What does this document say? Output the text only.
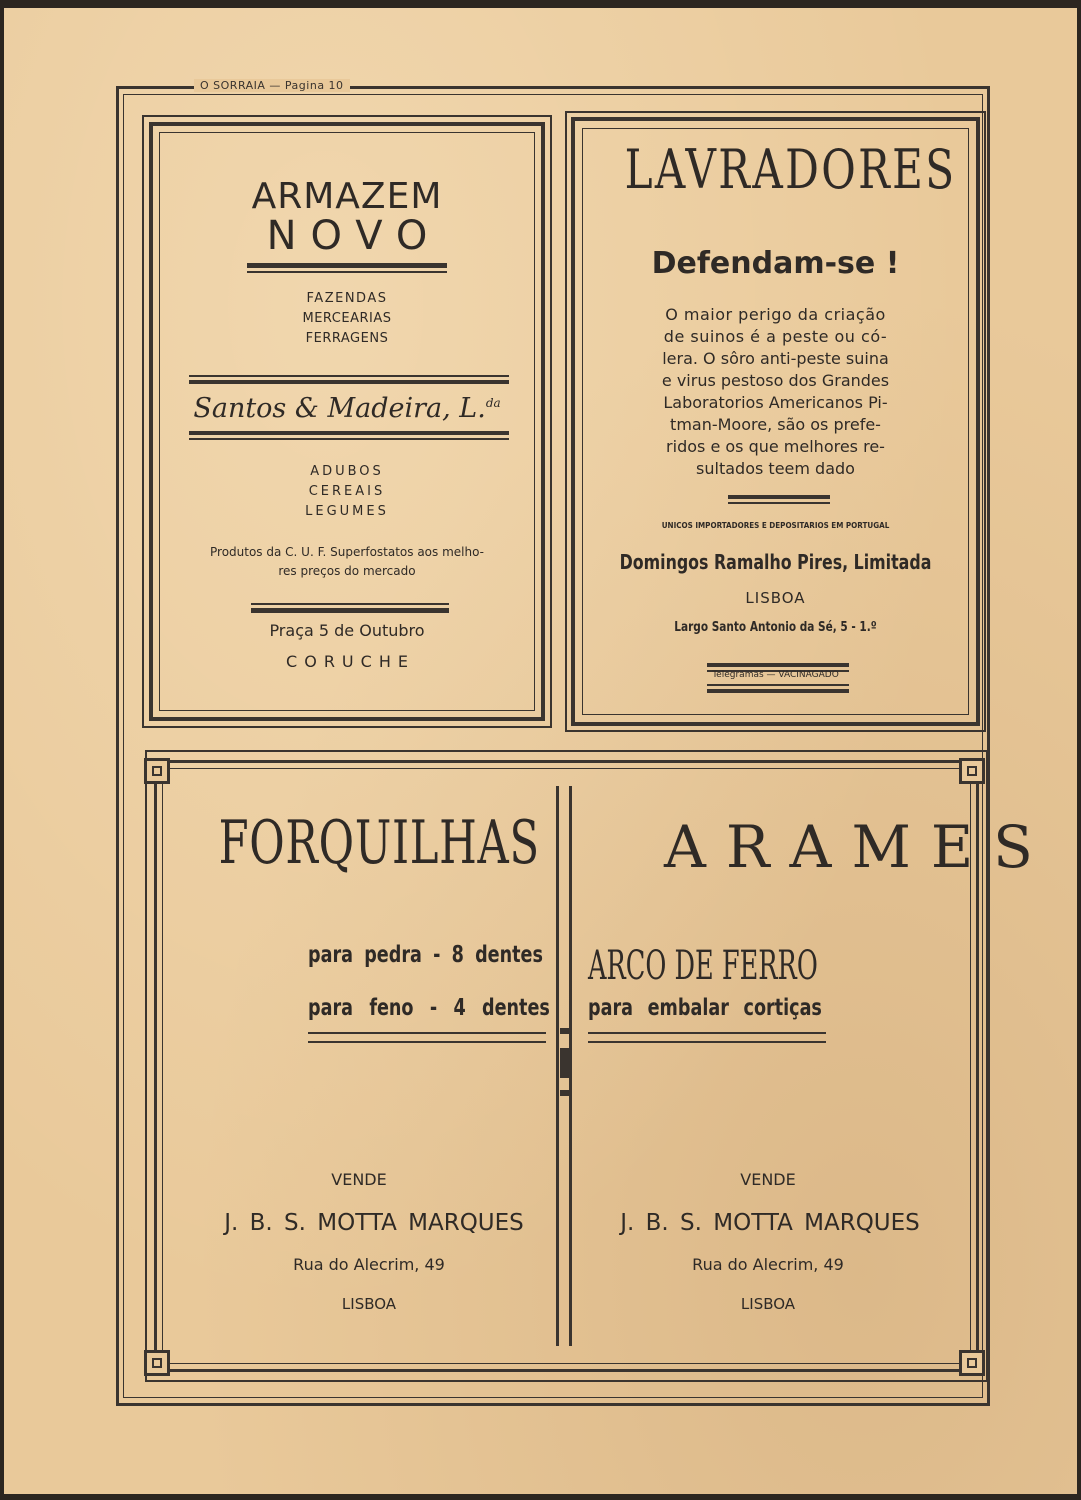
O SORRAIA — Pagina 10
ARMAZEM
NOVO
FAZENDAS
MERCEARIAS
FERRAGENS
Santos & Madeira, L.$^{da}$
ADUBOS
CEREAIS
LEGUMES
Produtos da C. U. F. Superfostatos aos melho-
res preços do mercado
Praça 5 de Outubro
CORUCHE
LAVRADORES
Defendam-se !
O maior perigo da criação
de suinos é a peste ou có-
lera. O sôro anti-peste suina
e virus pestoso dos Grandes
Laboratorios Americanos Pi-
tman-Moore, são os prefe-
ridos e os que melhores re-
sultados teem dado
UNICOS IMPORTADORES E DEPOSITARIOS EM PORTUGAL
Domingos Ramalho Pires, Limitada
LISBOA
Largo Santo Antonio da Sé, 5 - 1.º
Telegramas — VACINAGADO
FORQUILHAS
para pedra - 8 dentes
para feno - 4 dentes
VENDE
J. B. S. MOTTA MARQUES
Rua do Alecrim, 49
LISBOA
ARAMES
ARCO DE FERRO
para embalar cortiças
VENDE
J. B. S. MOTTA MARQUES
Rua do Alecrim, 49
LISBOA
